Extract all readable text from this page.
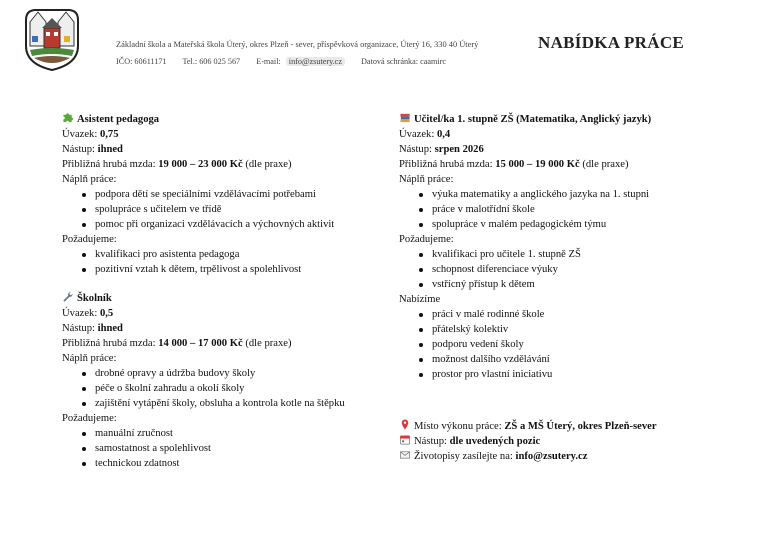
Základní škola a Mateřská škola Úterý, okres Plzeň - sever, příspěvková organizace, Úterý 16, 330 40 Úterý
IČO: 60611171 Tel.: 606 025 567 E-mail: info@zsutery.cz Datová schránka: caamirc
NABÍDKA PRÁCE
Asistent pedagoga
Úvazek: 0,75
Nástup: ihned
Přibližná hrubá mzda: 19 000 – 23 000 Kč (dle praxe)
Náplň práce:
podpora dětí se speciálními vzdělávacími potřebami
spolupráce s učitelem ve třídě
pomoc při organizaci vzdělávacích a výchovných aktivit
Požadujeme:
kvalifikaci pro asistenta pedagoga
pozitivní vztah k dětem, trpělivost a spolehlivost
Školník
Úvazek: 0,5
Nástup: ihned
Přibližná hrubá mzda: 14 000 – 17 000 Kč (dle praxe)
Náplň práce:
drobné opravy a údržba budovy školy
péče o školní zahradu a okolí školy
zajištění vytápění školy, obsluha a kontrola kotle na štěpku
Požadujeme:
manuální zručnost
samostatnost a spolehlivost
technickou zdatnost
Učitel/ka 1. stupně ZŠ (Matematika, Anglický jazyk)
Úvazek: 0,4
Nástup: srpen 2026
Přibližná hrubá mzda: 15 000 – 19 000 Kč (dle praxe)
Náplň práce:
výuka matematiky a anglického jazyka na 1. stupni
práce v malotřídní škole
spolupráce v malém pedagogickém týmu
Požadujeme:
kvalifikaci pro učitele 1. stupně ZŠ
schopnost diferenciace výuky
vstřícný přístup k dětem
Nabízíme
práci v malé rodinné škole
přátelský kolektiv
podporu vedení školy
možnost dalšího vzdělávání
prostor pro vlastní iniciativu
Místo výkonu práce: ZŠ a MŠ Úterý, okres Plzeň-sever
Nástup: dle uvedených pozic
Životopisy zasílejte na: info@zsutery.cz
